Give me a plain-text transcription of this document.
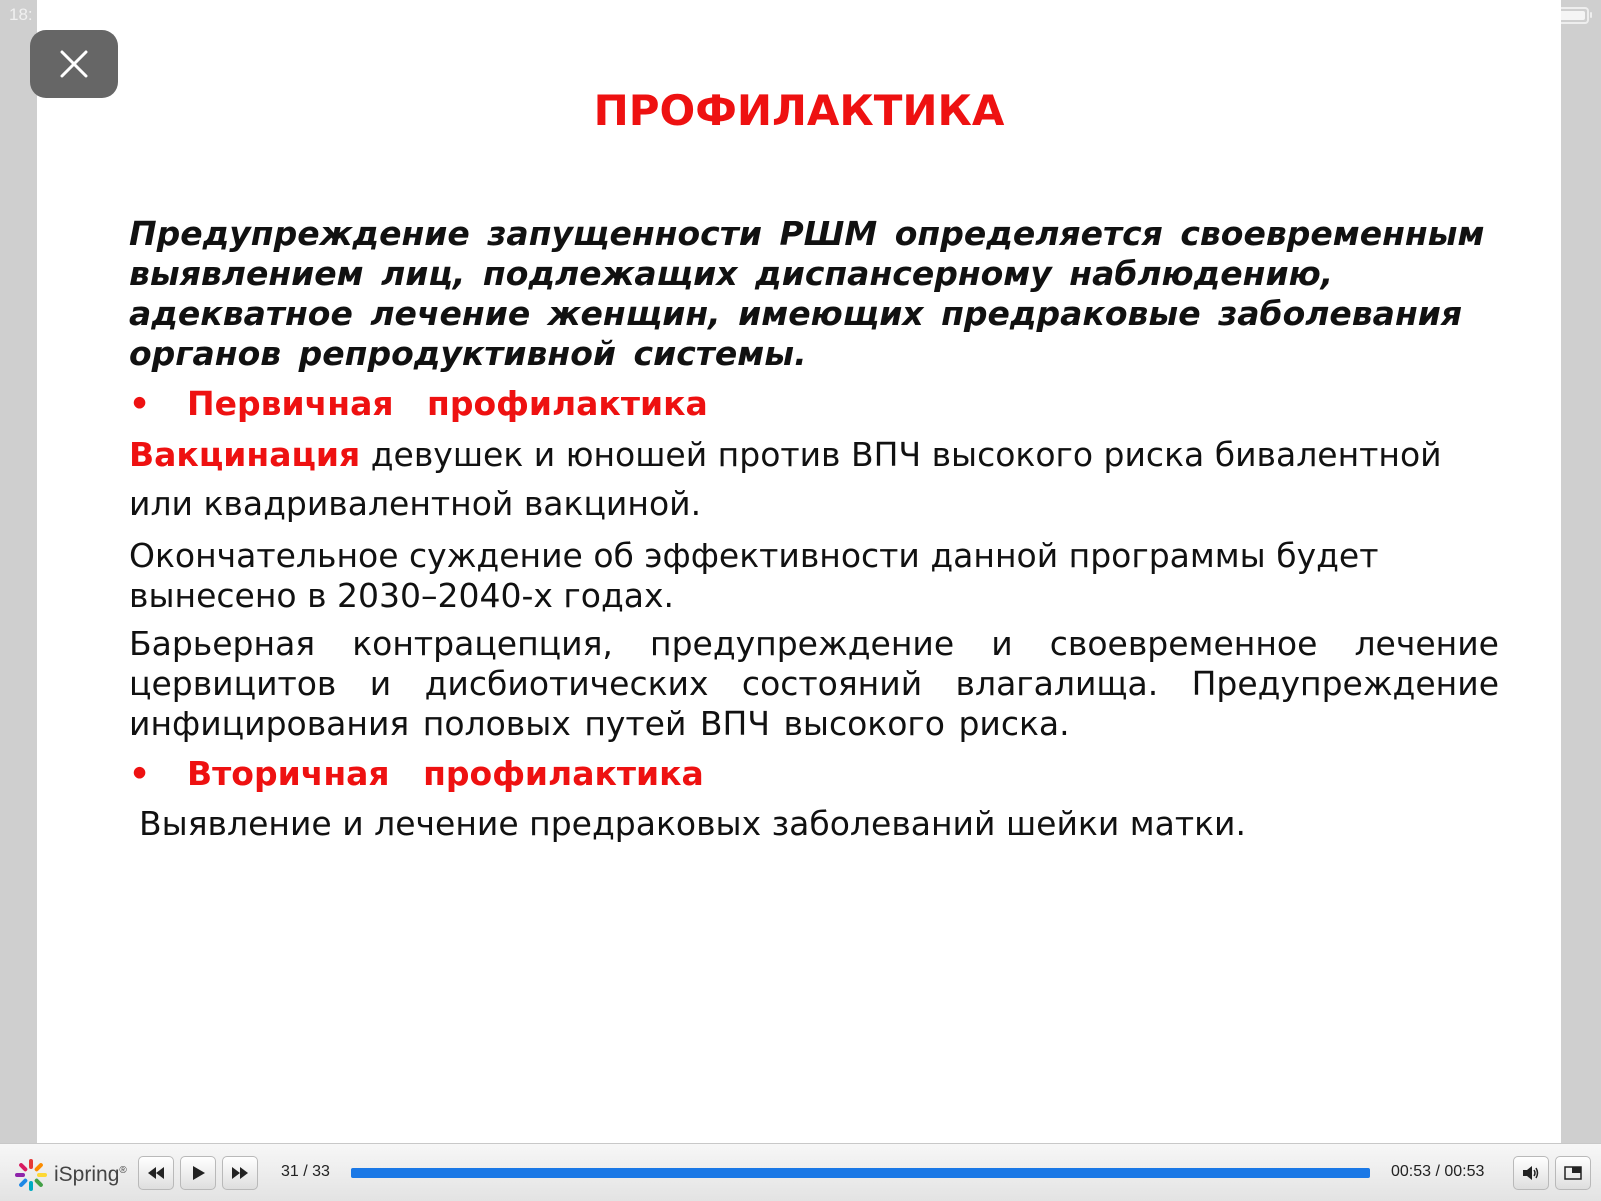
18:
ПРОФИЛАКТИКА

Предупреждение запущенности РШМ определяется своевременным выявлением лиц, подлежащих диспансерному наблюдению, адекватное лечение женщин, имеющих предраковые заболевания органов репродуктивной системы.

•	Первичная профилактика

Вакцинация девушек и юношей против ВПЧ высокого риска бивалентной или квадривалентной вакциной.

Окончательное суждение об эффективности данной программы будет вынесено в 2030–2040-х годах.

Барьерная контрацепция, предупреждение и своевременное лечение цервицитов и дисбиотических состояний влагалища. Предупреждение инфицирования половых путей ВПЧ высокого риска.

•	Вторичная профилактика

Выявление и лечение предраковых заболеваний шейки матки.

iSpring®	31 / 33	00:53 / 00:53
